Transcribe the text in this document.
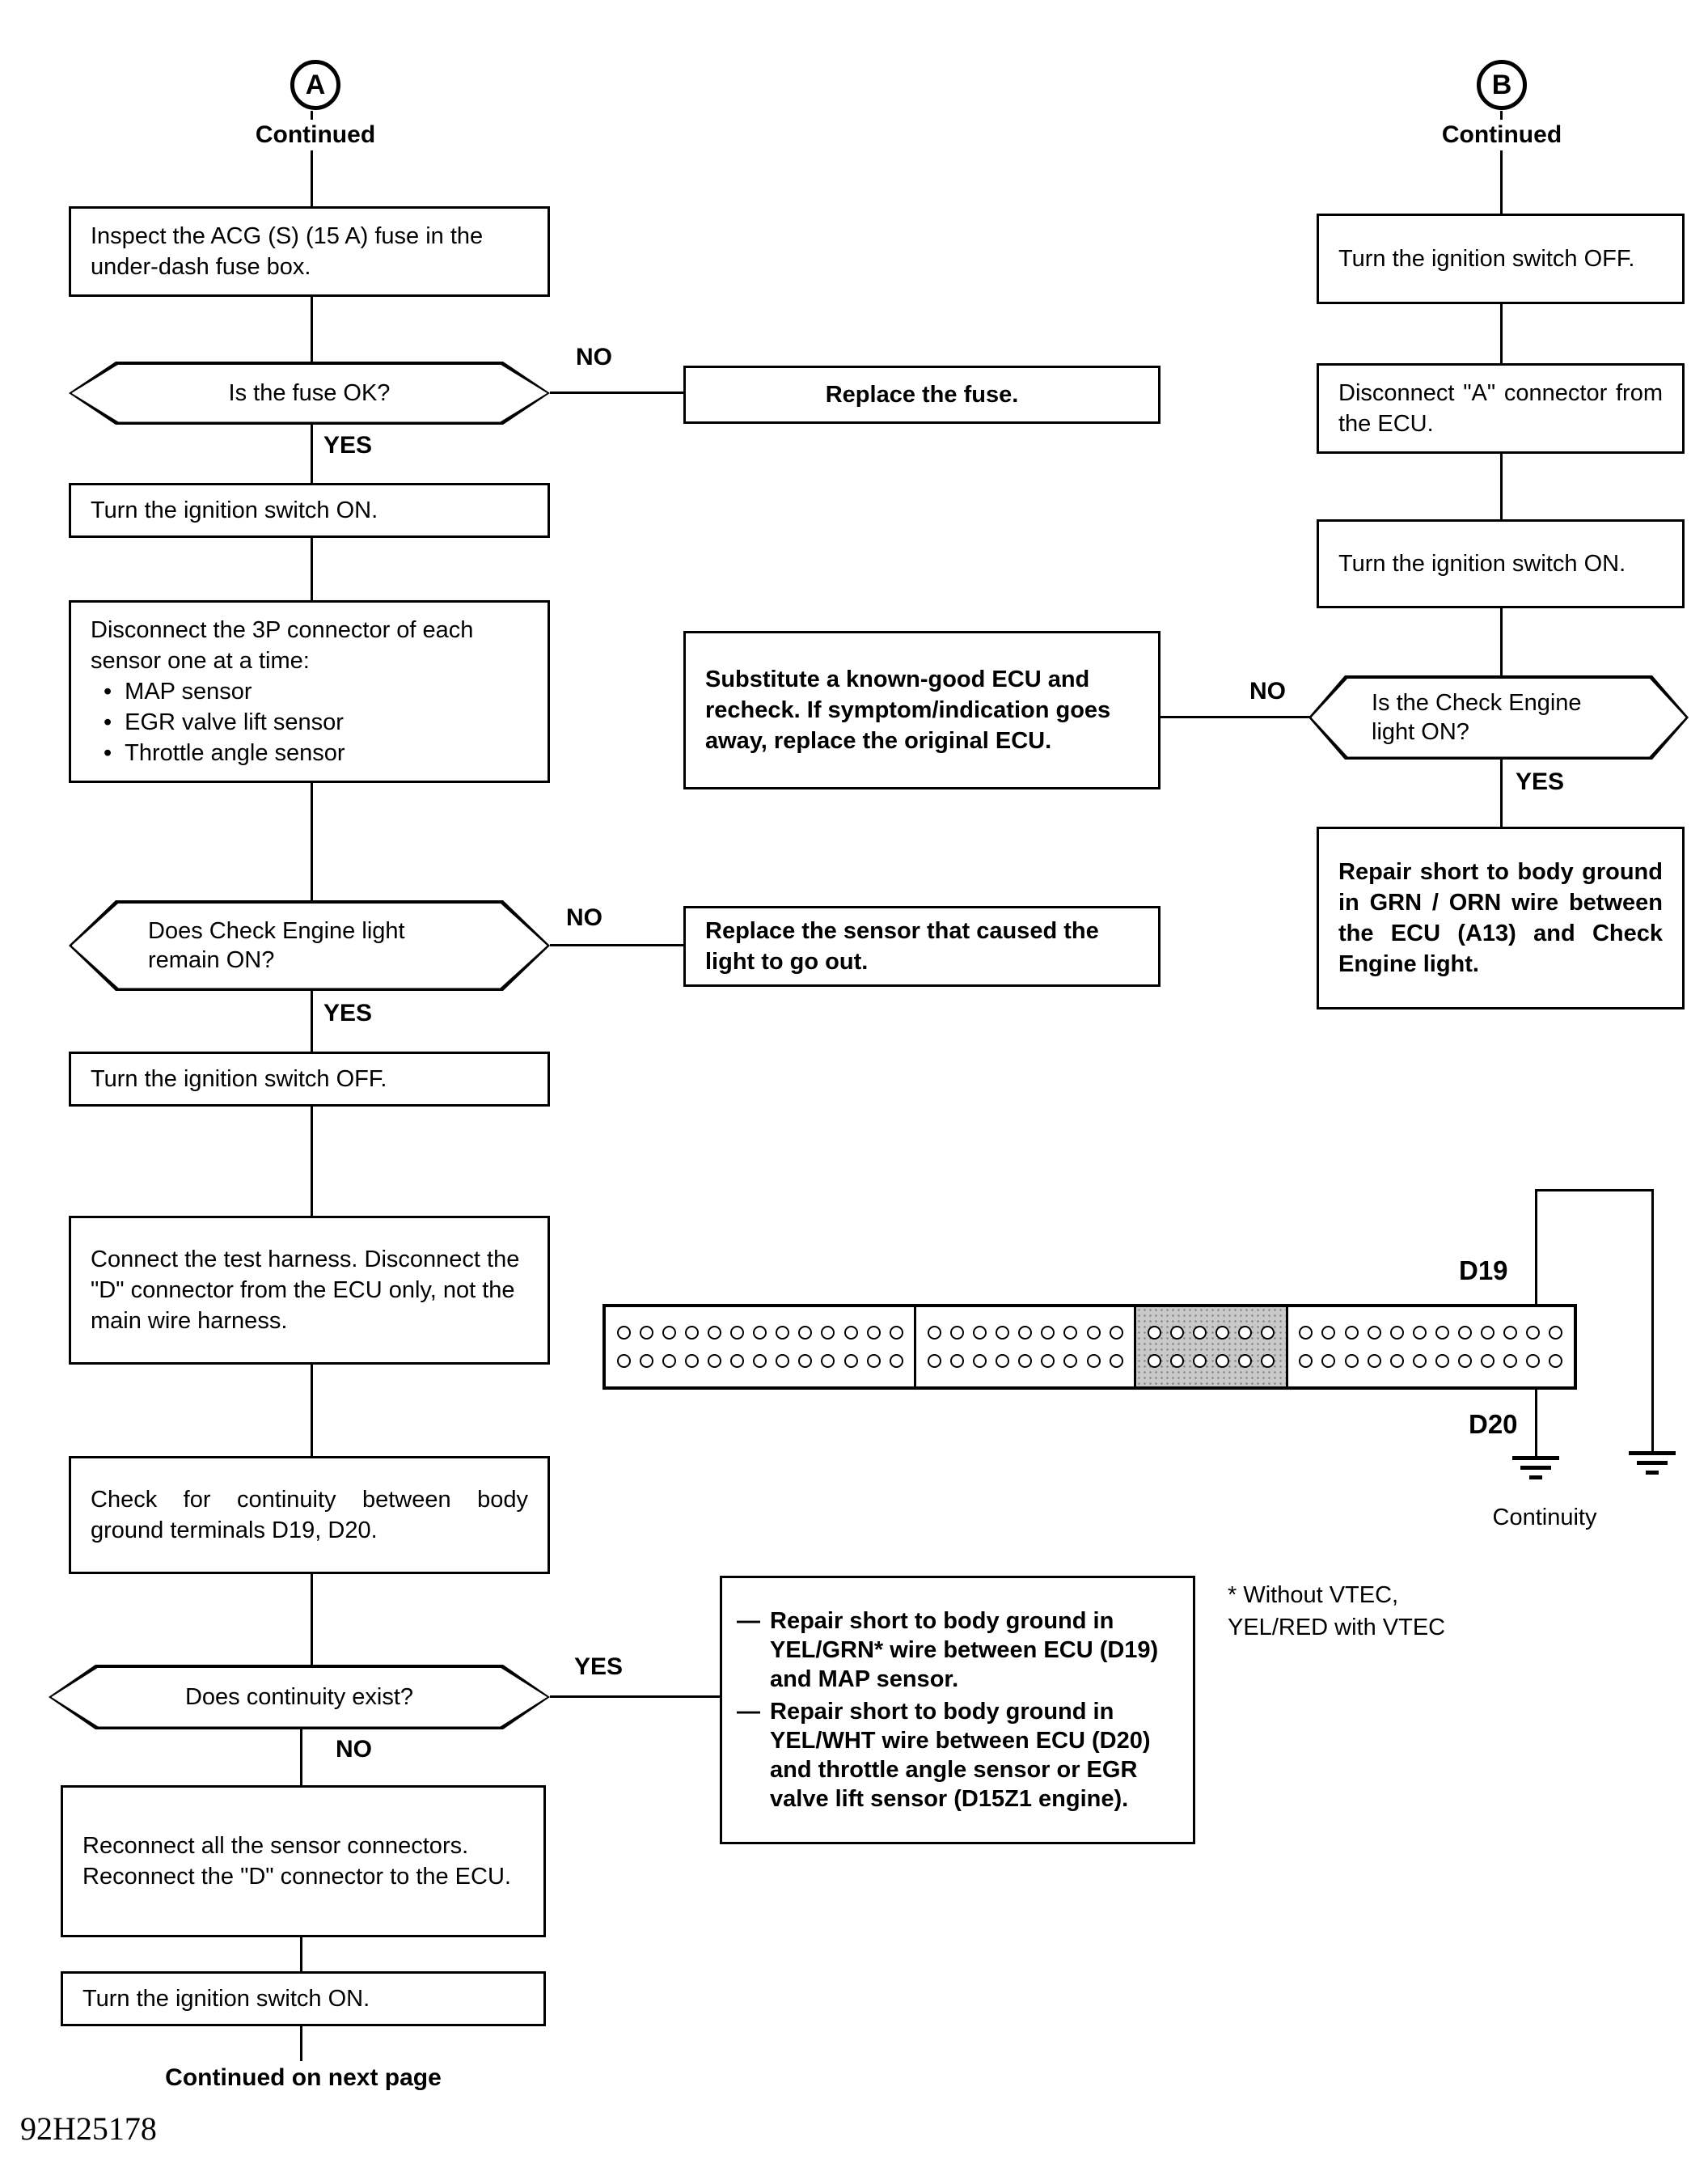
A
Continued
Inspect the ACG (S) (15 A) fuse in the under-dash fuse box.
Is the fuse OK?
NO
YES
Replace the fuse.
Turn the ignition switch ON.
Disconnect the 3P connector of each sensor one at a time:
• MAP sensor
• EGR valve lift sensor
• Throttle angle sensor
Does Check Engine light
remain ON?
NO
YES
Replace the sensor that caused the light to go out.
Turn the ignition switch OFF.
Connect the test harness. Disconnect the "D" connector from the ECU only, not the main wire harness.
Check for continuity between body ground terminals D19, D20.
Does continuity exist?
YES
NO
— Repair short to body ground in YEL/GRN* wire between ECU (D19) and MAP sensor.
— Repair short to body ground in YEL/WHT wire between ECU (D20) and throttle angle sensor or EGR valve lift sensor (D15Z1 engine).
* Without VTEC,
YEL/RED with VTEC
Reconnect all the sensor connectors. Reconnect the "D" connector to the ECU.
Turn the ignition switch ON.
Continued on next page
92H25178
B
Continued
Turn the ignition switch OFF.
Disconnect "A" connector from the ECU.
Turn the ignition switch ON.
Is the Check Engine
light ON?
NO
YES
Substitute a known-good ECU and recheck. If symptom/indication goes away, replace the original ECU.
Repair short to body ground in GRN / ORN wire between the ECU (A13) and Check Engine light.
D19
D20
Continuity
